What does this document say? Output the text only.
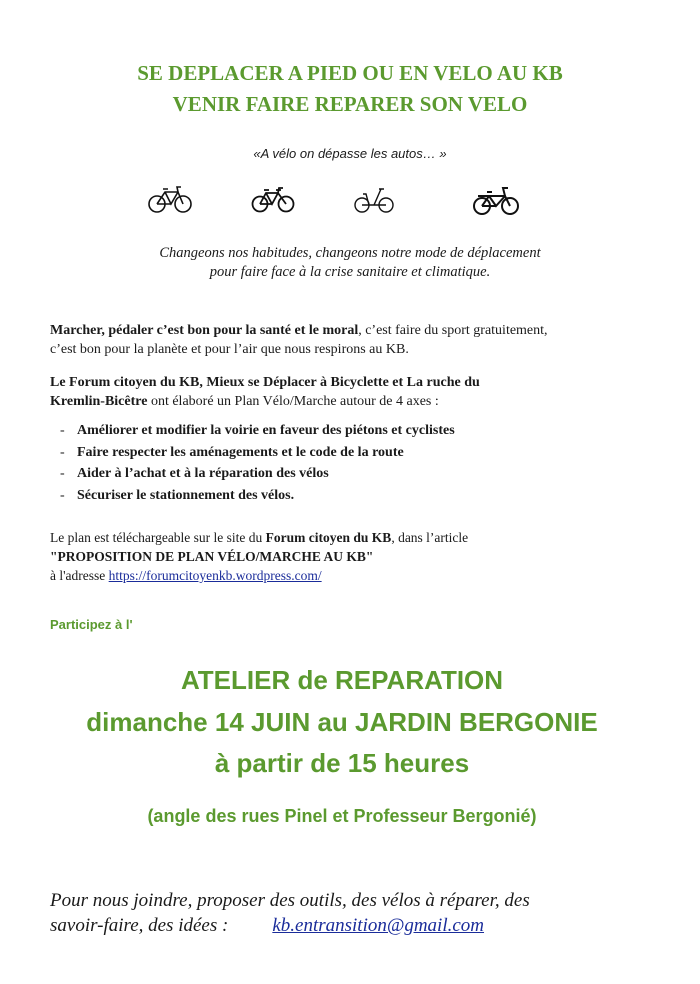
SE DEPLACER A PIED OU EN VELO AU KB
VENIR FAIRE REPARER SON VELO
«A vélo on dépasse les autos… »
Changeons nos habitudes, changeons notre mode de déplacement
pour faire face à la crise sanitaire et climatique.
Marcher, pédaler c’est bon pour la santé et le moral, c’est faire du sport gratuitement,
c’est bon pour la planète et pour l’air que nous respirons au KB.
Le Forum citoyen du KB, Mieux se Déplacer à Bicyclette et La ruche du
Kremlin-Bicêtre ont élaboré un Plan Vélo/Marche autour de 4 axes :
- Améliorer et modifier la voirie en faveur des piétons et cyclistes
- Faire respecter les aménagements et le code de la route
- Aider à l’achat et à la réparation des vélos
- Sécuriser le stationnement des vélos.
Le plan est téléchargeable sur le site du Forum citoyen du KB, dans l’article
"PROPOSITION DE PLAN VÉLO/MARCHE AU KB"
à l'adresse https://forumcitoyenkb.wordpress.com/
Participez à l'
ATELIER de REPARATION
dimanche 14 JUIN au JARDIN BERGONIE
à partir de 15 heures
(angle des rues Pinel et Professeur Bergonié)
Pour nous joindre, proposer des outils, des vélos à réparer, des
savoir-faire, des idées : kb.entransition@gmail.com
